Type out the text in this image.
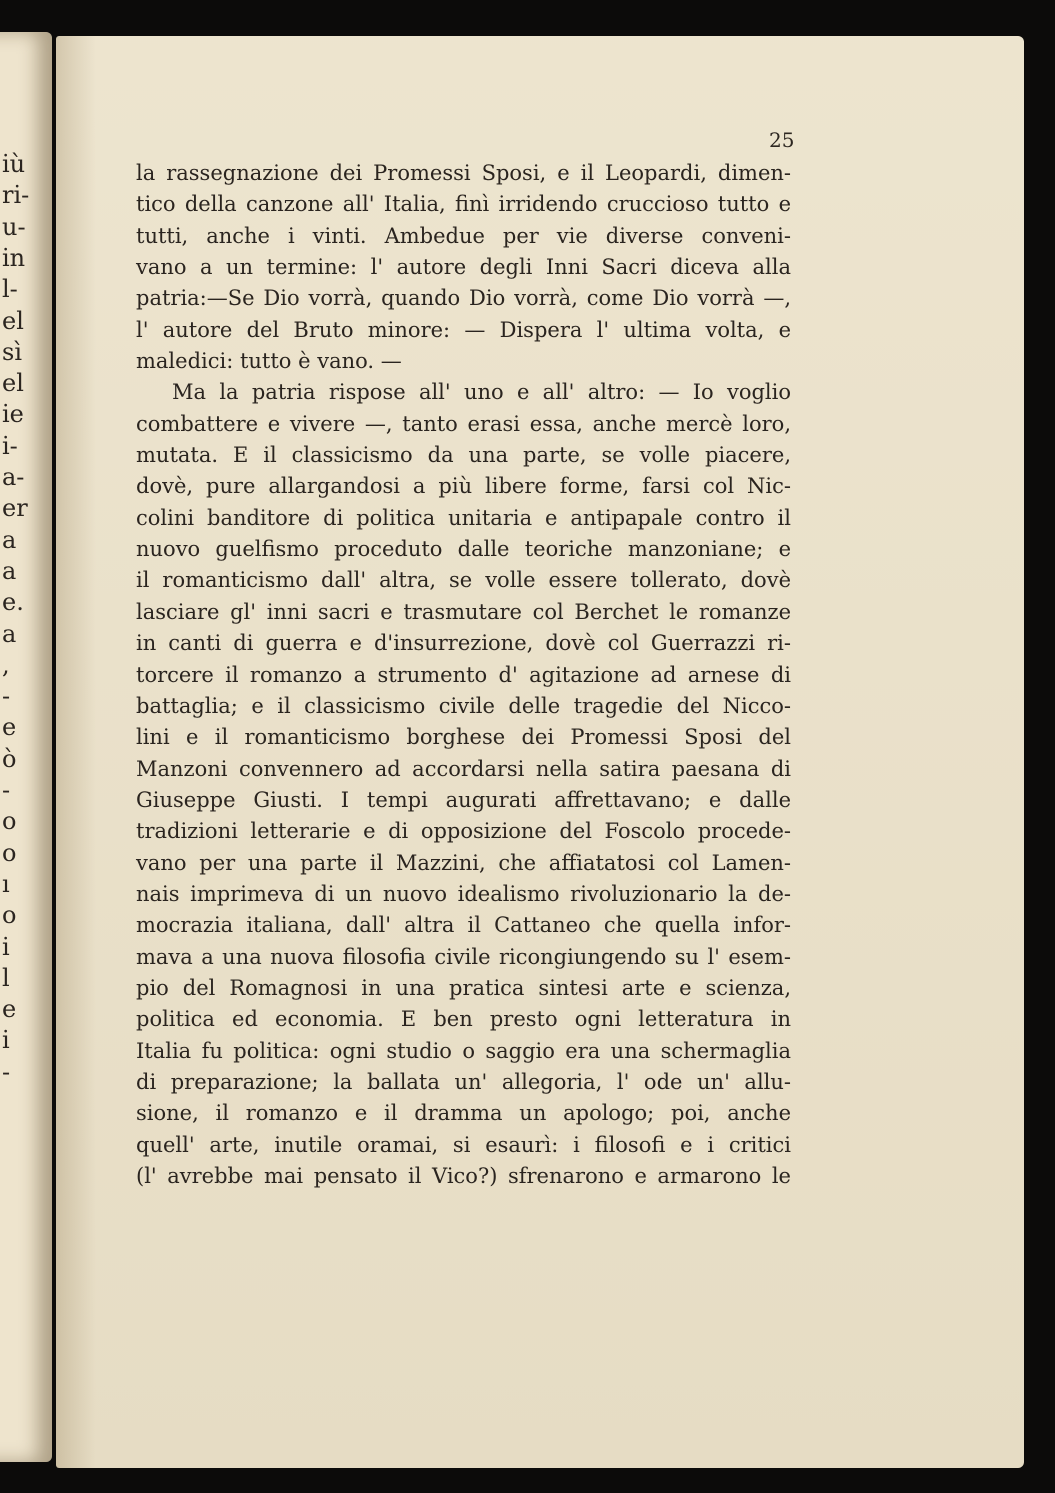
iù
ri-
u-
in
l-
el
sì
el
ie
i-
a-
er
a
a
e.
a
,
-
e
ò
-
o
o
ı
o
i
l
e
i
-
25
la rassegnazione dei Promessi Sposi, e il Leopardi, dimen-
tico della canzone all' Italia, finì irridendo cruccioso tutto e
tutti, anche i vinti. Ambedue per vie diverse conveni-
vano a un termine: l' autore degli Inni Sacri diceva alla
patria:—Se Dio vorrà, quando Dio vorrà, come Dio vorrà —,
l' autore del Bruto minore: — Dispera l' ultima volta, e
maledici: tutto è vano. —
Ma la patria rispose all' uno e all' altro: — Io voglio
combattere e vivere —, tanto erasi essa, anche mercè loro,
mutata. E il classicismo da una parte, se volle piacere,
dovè, pure allargandosi a più libere forme, farsi col Nic-
colini banditore di politica unitaria e antipapale contro il
nuovo guelfismo proceduto dalle teoriche manzoniane; e
il romanticismo dall' altra, se volle essere tollerato, dovè
lasciare gl' inni sacri e trasmutare col Berchet le romanze
in canti di guerra e d'insurrezione, dovè col Guerrazzi ri-
torcere il romanzo a strumento d' agitazione ad arnese di
battaglia; e il classicismo civile delle tragedie del Nicco-
lini e il romanticismo borghese dei Promessi Sposi del
Manzoni convennero ad accordarsi nella satira paesana di
Giuseppe Giusti. I tempi augurati affrettavano; e dalle
tradizioni letterarie e di opposizione del Foscolo procede-
vano per una parte il Mazzini, che affiatatosi col Lamen-
nais imprimeva di un nuovo idealismo rivoluzionario la de-
mocrazia italiana, dall' altra il Cattaneo che quella infor-
mava a una nuova filosofia civile ricongiungendo su l' esem-
pio del Romagnosi in una pratica sintesi arte e scienza,
politica ed economia. E ben presto ogni letteratura in
Italia fu politica: ogni studio o saggio era una schermaglia
di preparazione; la ballata un' allegoria, l' ode un' allu-
sione, il romanzo e il dramma un apologo; poi, anche
quell' arte, inutile oramai, si esaurì: i filosofi e i critici
(l' avrebbe mai pensato il Vico?) sfrenarono e armarono le
